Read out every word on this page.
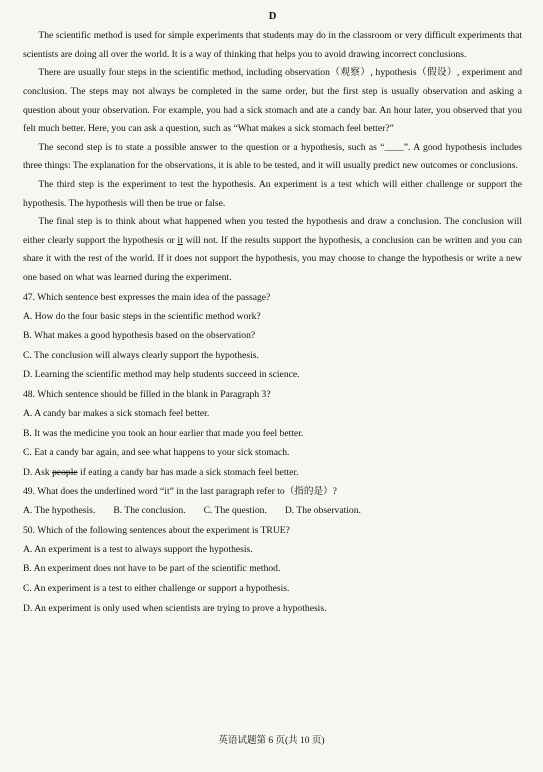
D

The scientific method is used for simple experiments that students may do in the classroom or very difficult experiments that scientists are doing all over the world. It is a way of thinking that helps you to avoid drawing incorrect conclusions.

There are usually four steps in the scientific method, including observation（观察）, hypothesis（假设）, experiment and conclusion. The steps may not always be completed in the same order, but the first step is usually observation and asking a question about your observation. For example, you had a sick stomach and ate a candy bar. An hour later, you observed that you felt much better. Here, you can ask a question, such as “What makes a sick stomach feel better?”

The second step is to state a possible answer to the question or a hypothesis, such as “____”. A good hypothesis includes three things: The explanation for the observations, it is able to be tested, and it will usually predict new outcomes or conclusions.

The third step is the experiment to test the hypothesis. An experiment is a test which will either challenge or support the hypothesis. The hypothesis will then be true or false.

The final step is to think about what happened when you tested the hypothesis and draw a conclusion. The conclusion will either clearly support the hypothesis or it will not. If the results support the hypothesis, a conclusion can be written and you can share it with the rest of the world. If it does not support the hypothesis, you may choose to change the hypothesis or write a new one based on what was learned during the experiment.

47. Which sentence best expresses the main idea of the passage?

A. How do the four basic steps in the scientific method work?

B. What makes a good hypothesis based on the observation?

C. The conclusion will always clearly support the hypothesis.

D. Learning the scientific method may help students succeed in science.

48. Which sentence should be filled in the blank in Paragraph 3?

A. A candy bar makes a sick stomach feel better.

B. It was the medicine you took an hour earlier that made you feel better.

C. Eat a candy bar again, and see what happens to your sick stomach.

D. Ask people if eating a candy bar has made a sick stomach feel better.

49. What does the underlined word “it” in the last paragraph refer to（指的是）?

A. The hypothesis. B. The conclusion. C. The question. D. The observation.

50. Which of the following sentences about the experiment is TRUE?

A. An experiment is a test to always support the hypothesis.

B. An experiment does not have to be part of the scientific method.

C. An experiment is a test to either challenge or support a hypothesis.

D. An experiment is only used when scientists are trying to prove a hypothesis.

英语试题第 6 页(共 10 页)
